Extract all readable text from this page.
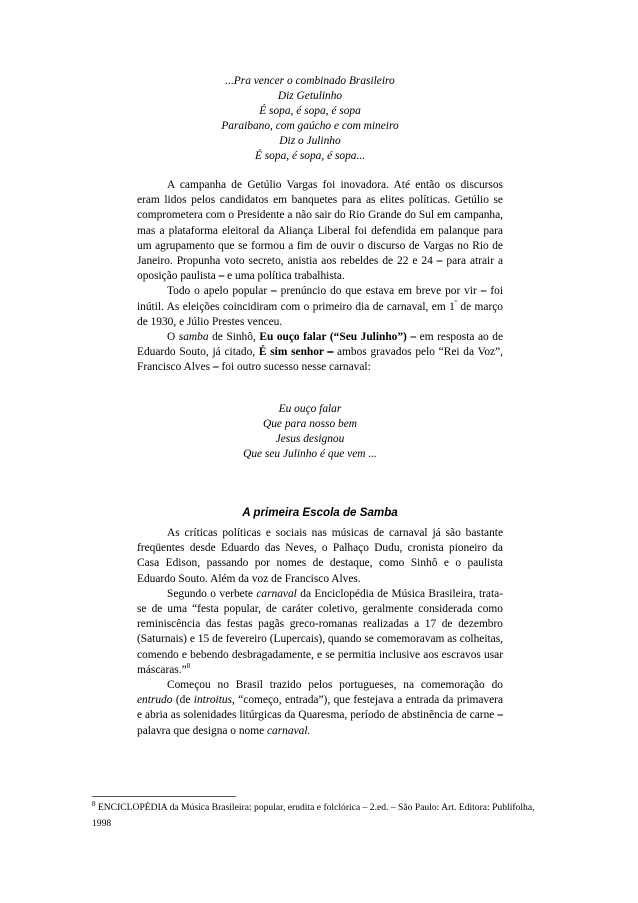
...Pra vencer o combinado Brasileiro
Diz Getulinho
É sopa, é sopa, é sopa
Paraibano, com gaúcho e com mineiro
Diz o Julinho
É sopa, é sopa, é sopa...

A campanha de Getúlio Vargas foi inovadora. Até então os discursos eram lidos pelos candidatos em banquetes para as elites políticas. Getúlio se comprometera com o Presidente a não sair do Rio Grande do Sul em campanha, mas a plataforma eleitoral da Aliança Liberal foi defendida em palanque para um agrupamento que se formou a fim de ouvir o discurso de Vargas no Rio de Janeiro. Propunha voto secreto, anistia aos rebeldes de 22 e 24 ⎯ para atrair a oposição paulista ⎯ e uma política trabalhista.

Todo o apelo popular ⎯ prenúncio do que estava em breve por vir ⎯ foi inútil. As eleições coincidiram com o primeiro dia de carnaval, em $1^º$ de março de 1930, e Júlio Prestes venceu.

O samba de Sinhô, Eu ouço falar (“Seu Julinho”) ⎯ em resposta ao de Eduardo Souto, já citado, É sim senhor ⎯ ambos gravados pelo “Rei da Voz”, Francisco Alves ⎯ foi outro sucesso nesse carnaval:

Eu ouço falar
Que para nosso bem
Jesus designou
Que seu Julinho é que vem ...
A primeira Escola de Samba

As críticas políticas e sociais nas músicas de carnaval já são bastante freqüentes desde Eduardo das Neves, o Palhaço Dudu, cronista pioneiro da Casa Edison, passando por nomes de destaque, como Sinhô e o paulista Eduardo Souto. Além da voz de Francisco Alves.

Segundo o verbete carnaval da Enciclopédia de Música Brasileira, trata-se de uma “festa popular, de caráter coletivo, geralmente considerada como reminiscência das festas pagãs greco-romanas realizadas a 17 de dezembro (Saturnais) e 15 de fevereiro (Lupercais), quando se comemoravam as colheitas, comendo e bebendo desbragadamente, e se permitia inclusive aos escravos usar máscaras.”$^8$

Começou no Brasil trazido pelos portugueses, na comemoração do entrudo (de introitus, “começo, entrada”), que festejava a entrada da primavera e abria as solenidades litúrgicas da Quaresma, período de abstinência de carne ⎯ palavra que designa o nome carnaval.

$^8$ ENCICLOPÉDIA da Música Brasileira: popular, erudita e folclórica – 2.ed. – São Paulo: Art. Editora: Publifolha, 1998
